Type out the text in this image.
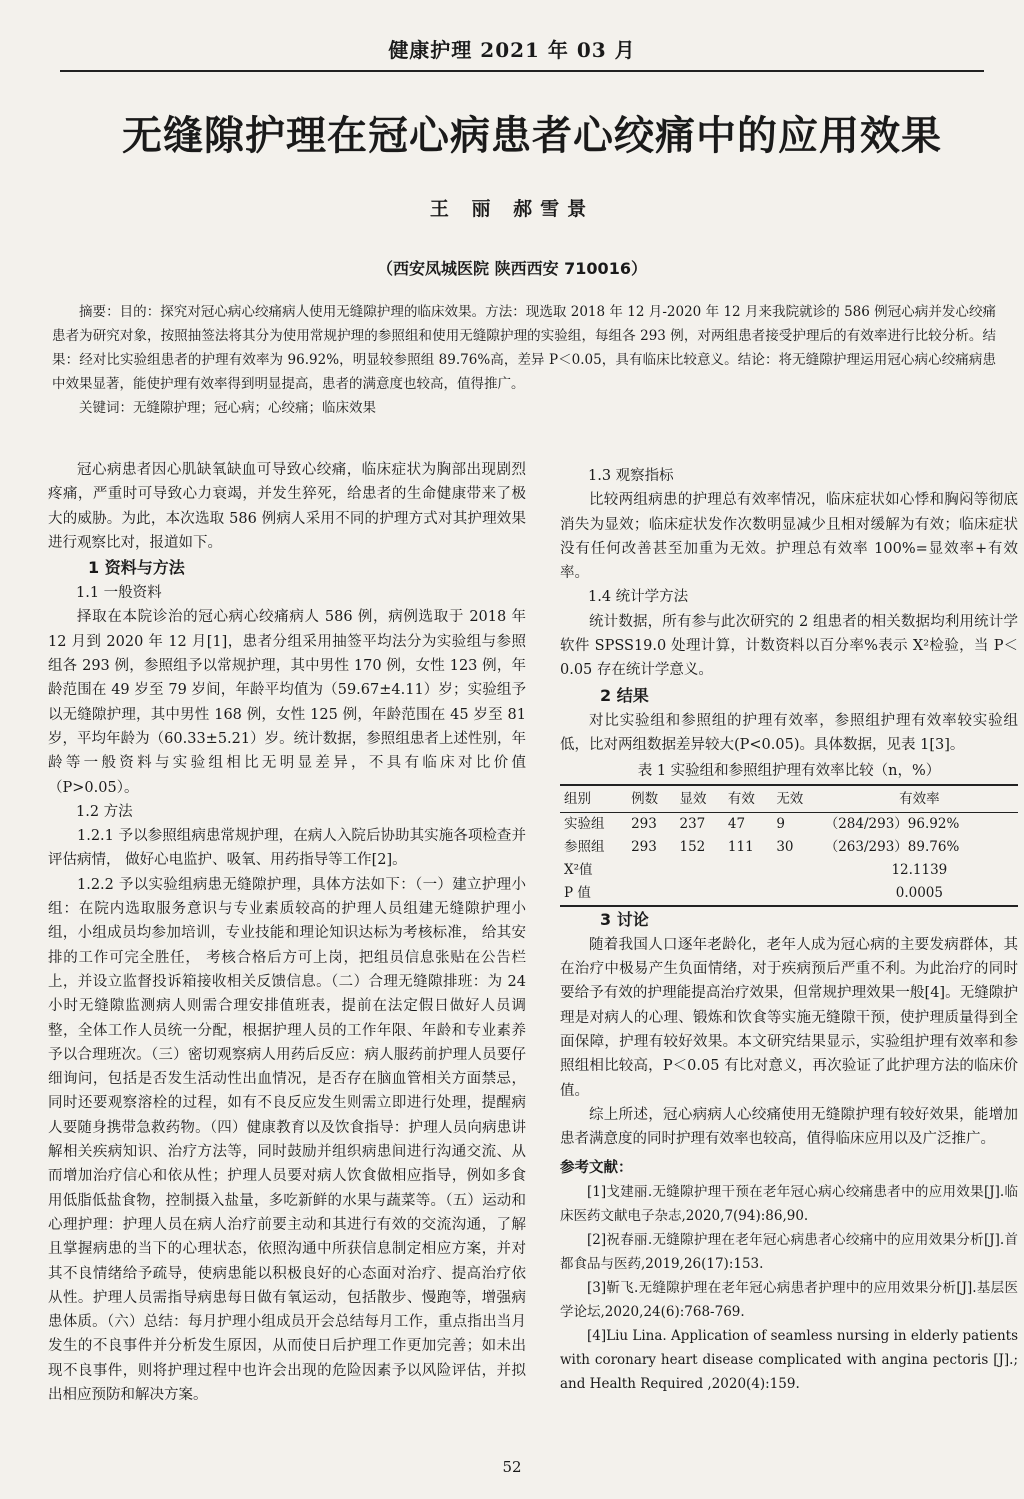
健康护理 2021 年 03 月
无缝隙护理在冠心病患者心绞痛中的应用效果
王 丽 郝雪景
（西安凤城医院 陕西西安 710016）

摘要：目的：探究对冠心病心绞痛病人使用无缝隙护理的临床效果。方法：现选取 2018 年 12 月-2020 年 12 月来我院就诊的 586 例冠心病并发心绞痛患者为研究对象，按照抽签法将其分为使用常规护理的参照组和使用无缝隙护理的实验组，每组各 293 例，对两组患者接受护理后的有效率进行比较分析。结果：经对比实验组患者的护理有效率为 96.92%，明显较参照组 89.76%高，差异 P＜0.05，具有临床比较意义。结论：将无缝隙护理运用冠心病心绞痛病患中效果显著，能使护理有效率得到明显提高，患者的满意度也较高，值得推广。

关键词：无缝隙护理；冠心病；心绞痛；临床效果

冠心病患者因心肌缺氧缺血可导致心绞痛，临床症状为胸部出现剧烈疼痛，严重时可导致心力衰竭，并发生猝死，给患者的生命健康带来了极大的威胁。为此，本次选取 586 例病人采用不同的护理方式对其护理效果进行观察比对，报道如下。

1 资料与方法
1.1 一般资料

择取在本院诊治的冠心病心绞痛病人 586 例，病例选取于 2018 年 12 月到 2020 年 12 月[1]，患者分组采用抽签平均法分为实验组与参照组各 293 例，参照组予以常规护理，其中男性 170 例，女性 123 例，年龄范围在 49 岁至 79 岁间，年龄平均值为（59.67±4.11）岁；实验组予以无缝隙护理，其中男性 168 例，女性 125 例，年龄范围在 45 岁至 81 岁，平均年龄为（60.33±5.21）岁。统计数据，参照组患者上述性别，年龄等一般资料与实验组相比无明显差异，不具有临床对比价值（P>0.05）。

1.2 方法

1.2.1 予以参照组病患常规护理，在病人入院后协助其实施各项检查并评估病情， 做好心电监护、吸氧、用药指导等工作[2]。

1.2.2 予以实验组病患无缝隙护理，具体方法如下：（一）建立护理小组：在院内选取服务意识与专业素质较高的护理人员组建无缝隙护理小组，小组成员均参加培训，专业技能和理论知识达标为考核标准， 给其安排的工作可完全胜任， 考核合格后方可上岗，把组员信息张贴在公告栏上，并设立监督投诉箱接收相关反馈信息。（二）合理无缝隙排班：为 24 小时无缝隙监测病人则需合理安排值班表，提前在法定假日做好人员调整，全体工作人员统一分配，根据护理人员的工作年限、年龄和专业素养予以合理班次。（三）密切观察病人用药后反应：病人服药前护理人员要仔细询问，包括是否发生活动性出血情况，是否存在脑血管相关方面禁忌，同时还要观察溶栓的过程，如有不良反应发生则需立即进行处理，提醒病人要随身携带急救药物。（四）健康教育以及饮食指导：护理人员向病患讲解相关疾病知识、治疗方法等，同时鼓励并组织病患间进行沟通交流、从而增加治疗信心和依从性；护理人员要对病人饮食做相应指导，例如多食用低脂低盐食物，控制摄入盐量，多吃新鲜的水果与蔬菜等。（五）运动和心理护理：护理人员在病人治疗前要主动和其进行有效的交流沟通，了解且掌握病患的当下的心理状态，依照沟通中所获信息制定相应方案，并对其不良情绪给予疏导，使病患能以积极良好的心态面对治疗、提高治疗依从性。护理人员需指导病患每日做有氧运动，包括散步、慢跑等，增强病患体质。（六）总结：每月护理小组成员开会总结每月工作，重点指出当月发生的不良事件并分析发生原因，从而使日后护理工作更加完善；如未出现不良事件，则将护理过程中也许会出现的危险因素予以风险评估，并拟出相应预防和解决方案。

1.3 观察指标

比较两组病患的护理总有效率情况，临床症状如心悸和胸闷等彻底消失为显效；临床症状发作次数明显减少且相对缓解为有效；临床症状没有任何改善甚至加重为无效。护理总有效率 100%=显效率+有效率。

1.4 统计学方法

统计数据，所有参与此次研究的 2 组患者的相关数据均利用统计学软件 SPSS19.0 处理计算，计数资料以百分率%表示 X²检验，当 P＜0.05 存在统计学意义。

2 结果

对比实验组和参照组的护理有效率，参照组护理有效率较实验组低，比对两组数据差异较大(P<0.05)。具体数据，见表 1[3]。

表 1 实验组和参照组护理有效率比较（n，%）
组别	例数	显效	有效	无效	有效率
实验组	293	237	47	9	（284/293）96.92%
参照组	293	152	111	30	（263/293）89.76%
X²值					12.1139
P 值					0.0005
3 讨论

随着我国人口逐年老龄化，老年人成为冠心病的主要发病群体，其在治疗中极易产生负面情绪，对于疾病预后严重不利。为此治疗的同时要给予有效的护理能提高治疗效果，但常规护理效果一般[4]。无缝隙护理是对病人的心理、锻炼和饮食等实施无缝隙干预，使护理质量得到全面保障，护理有较好效果。本文研究结果显示，实验组护理有效率和参照组相比较高，P＜0.05 有比对意义，再次验证了此护理方法的临床价值。

综上所述，冠心病病人心绞痛使用无缝隙护理有较好效果，能增加患者满意度的同时护理有效率也较高，值得临床应用以及广泛推广。

参考文献：

[1]戈建丽.无缝隙护理干预在老年冠心病心绞痛患者中的应用效果[J].临床医药文献电子杂志,2020,7(94):86,90.

[2]祝春丽.无缝隙护理在老年冠心病患者心绞痛中的应用效果分析[J].首都食品与医药,2019,26(17):153.

[3]靳飞.无缝隙护理在老年冠心病患者护理中的应用效果分析[J].基层医学论坛,2020,24(6):768-769.

[4]Liu Lina. Application of seamless nursing in elderly patients with coronary heart disease complicated with angina pectoris [J].; and Health Required ,2020(4):159.

52
